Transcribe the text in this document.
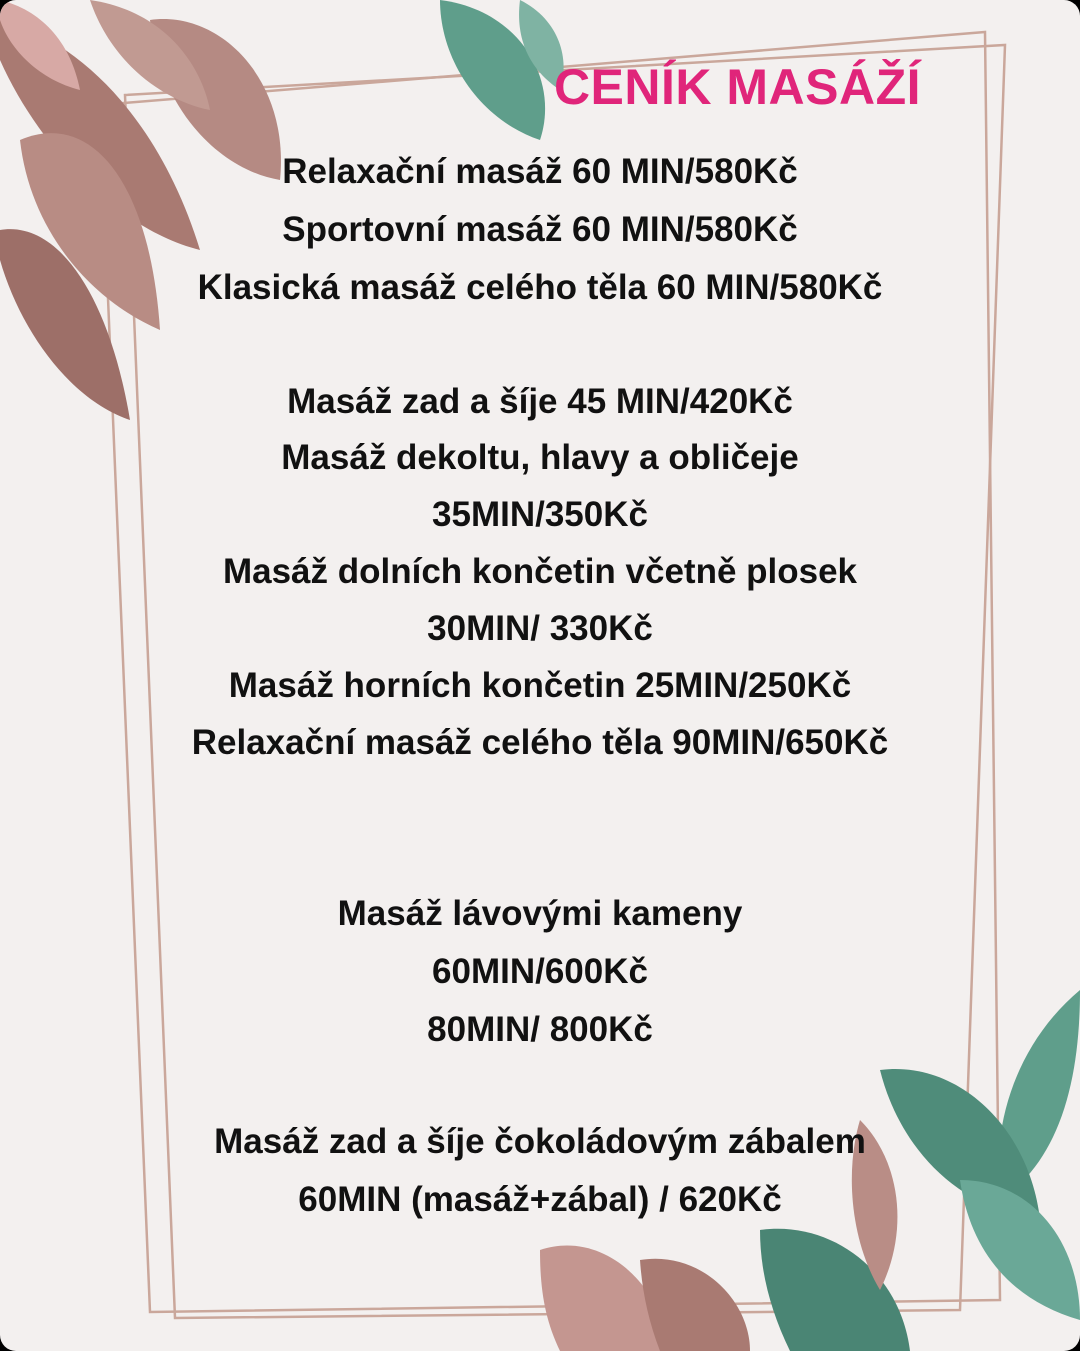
CENÍK MASÁŽÍ
Relaxační masáž 60 MIN/580Kč
Sportovní masáž 60 MIN/580Kč
Klasická masáž celého těla 60 MIN/580Kč
Masáž zad a šíje 45 MIN/420Kč
Masáž dekoltu, hlavy a obličeje
35MIN/350Kč
Masáž dolních končetin včetně plosek
30MIN/ 330Kč
Masáž horních končetin 25MIN/250Kč
Relaxační masáž celého těla 90MIN/650Kč
Masáž lávovými kameny
60MIN/600Kč
80MIN/ 800Kč
Masáž zad a šíje čokoládovým zábalem
60MIN (masáž+zábal) / 620Kč
